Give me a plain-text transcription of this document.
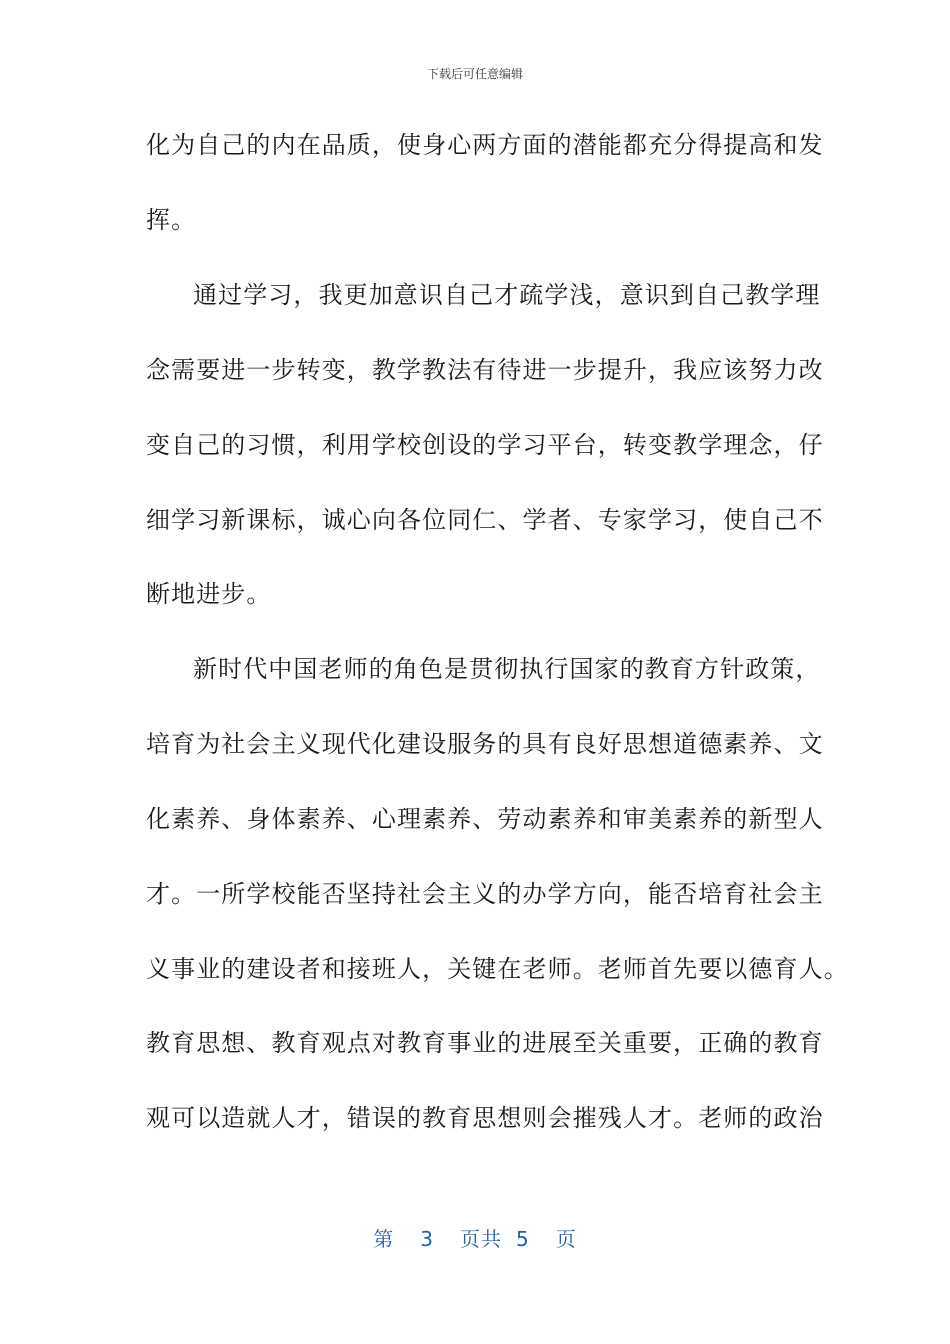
下载后可任意编辑
化为自己的内在品质，使身心两方面的潜能都充分得提高和发
挥。
通过学习，我更加意识自己才疏学浅，意识到自己教学理
念需要进一步转变，教学教法有待进一步提升，我应该努力改
变自己的习惯，利用学校创设的学习平台，转变教学理念，仔
细学习新课标，诚心向各位同仁、学者、专家学习，使自己不
断地进步。
新时代中国老师的角色是贯彻执行国家的教育方针政策，
培育为社会主义现代化建设服务的具有良好思想道德素养、文
化素养、身体素养、心理素养、劳动素养和审美素养的新型人
才。一所学校能否坚持社会主义的办学方向，能否培育社会主
义事业的建设者和接班人，关键在老师。老师首先要以德育人。
教育思想、教育观点对教育事业的进展至关重要，正确的教育
观可以造就人才，错误的教育思想则会摧残人才。老师的政治
第 3 页共 5 页
